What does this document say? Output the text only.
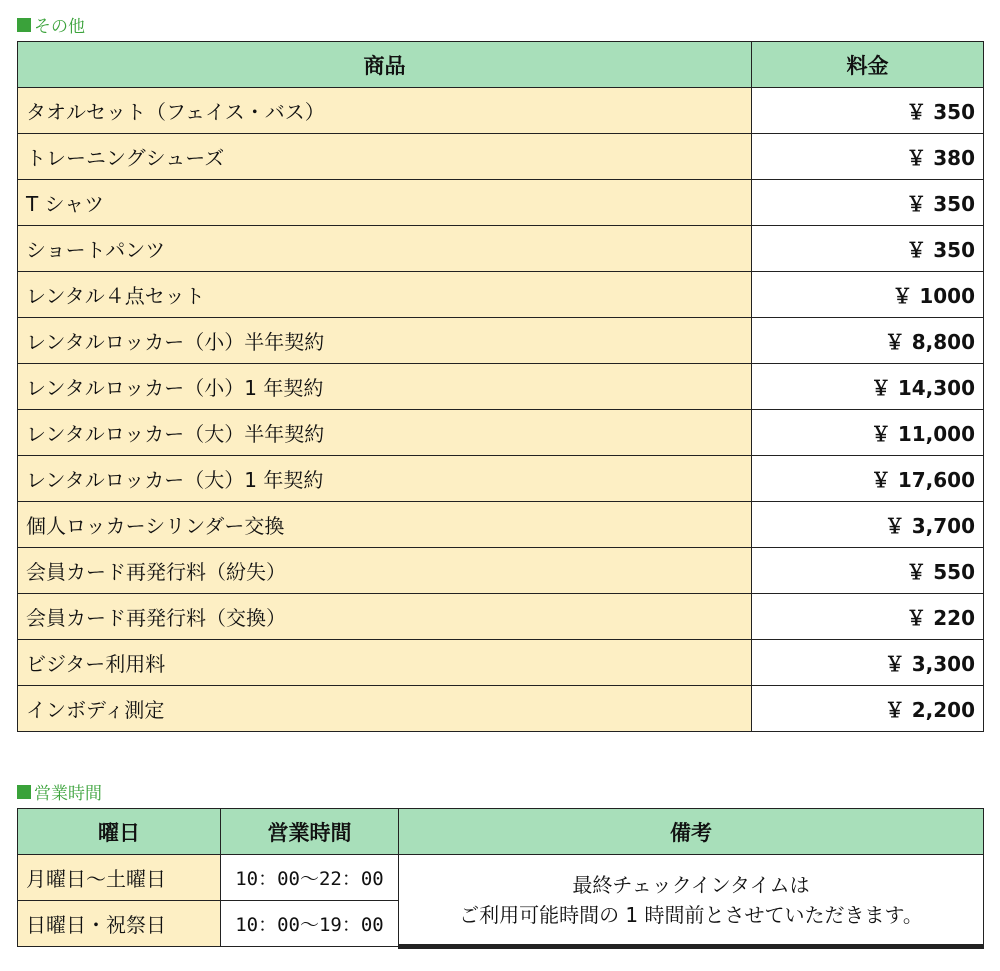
その他
商品	料金
タオルセット（フェイス・バス）	￥ 350
トレーニングシューズ	￥ 380
T シャツ	￥ 350
ショートパンツ	￥ 350
レンタル４点セット	￥ 1000
レンタルロッカー（小）半年契約	￥ 8,800
レンタルロッカー（小）1 年契約	￥ 14,300
レンタルロッカー（大）半年契約	￥ 11,000
レンタルロッカー（大）1 年契約	￥ 17,600
個人ロッカーシリンダー交換	￥ 3,700
会員カード再発行料（紛失）	￥ 550
会員カード再発行料（交換）	￥ 220
ビジター利用料	￥ 3,300
インボディ測定	￥ 2,200
営業時間
曜日	営業時間	備考
月曜日～土曜日	10：00～22：00	最終チェックインタイムは
ご利用可能時間の 1 時間前とさせていただきます。

日曜日・祝祭日	10：00～19：00	
